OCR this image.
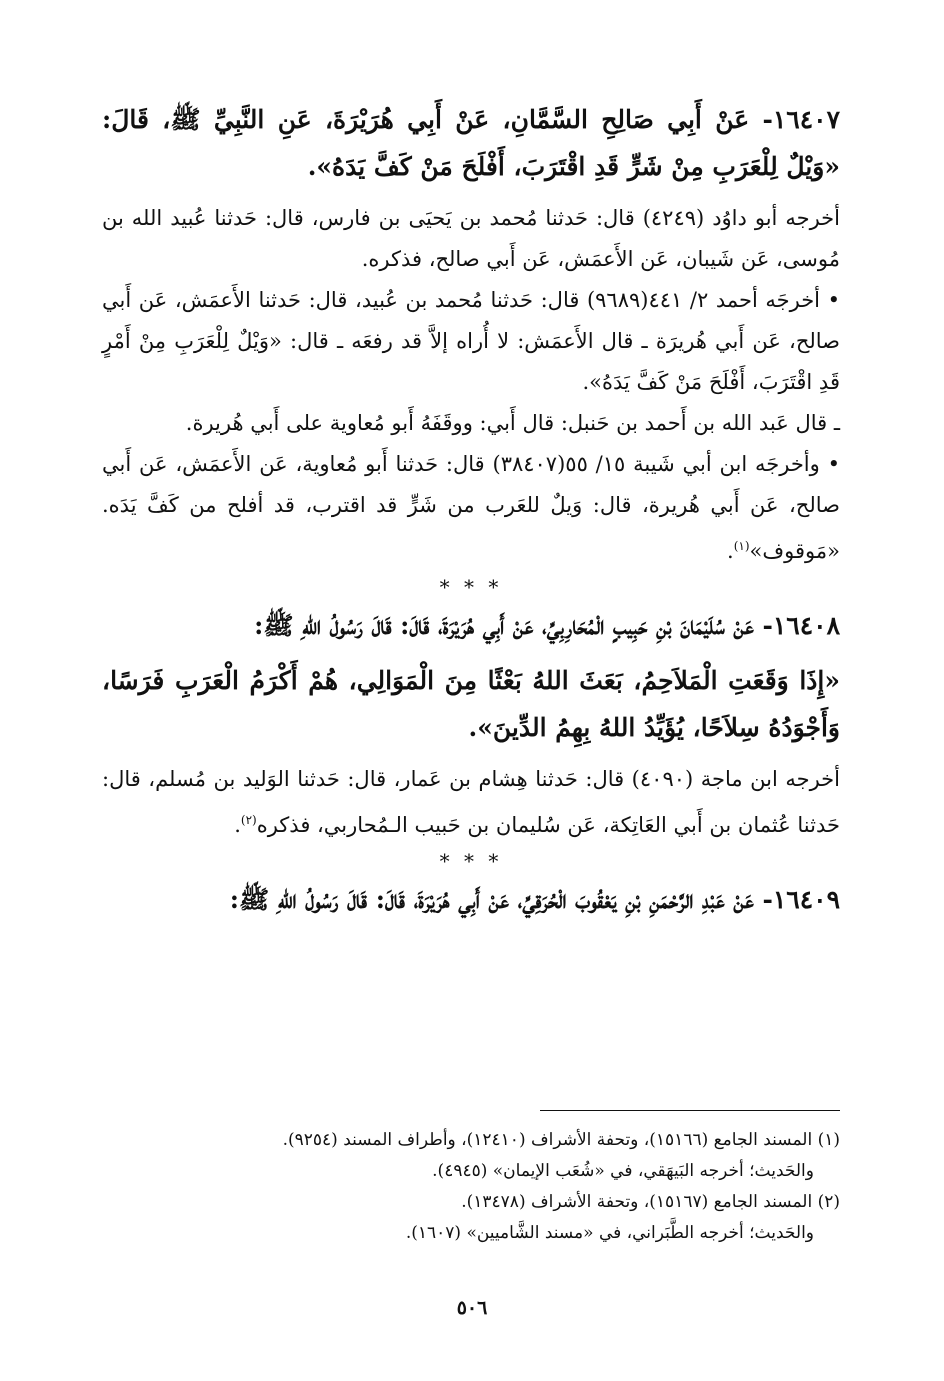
١٦٤٠٧- عَنْ أَبِي صَالِحِ السَّمَّانِ، عَنْ أَبِي هُرَيْرَةَ، عَنِ النَّبِيِّ ﷺ، قَالَ: «وَيْلٌ لِلْعَرَبِ مِنْ شَرٍّ قَدِ اقْتَرَبَ، أَفْلَحَ مَنْ كَفَّ يَدَهُ».

أخرجه أبو داوُد (٤٢٤٩) قال: حَدثنا مُحمد بن يَحيَى بن فارس، قال: حَدثنا عُبيد الله بن مُوسى، عَن شَيبان، عَن الأَعمَش، عَن أَبي صالح، فذكره.

• أخرجَه أحمد ٢/ ٤٤١(٩٦٨٩) قال: حَدثنا مُحمد بن عُبيد، قال: حَدثنا الأَعمَش، عَن أَبي صالح، عَن أَبي هُريرَة ـ قال الأَعمَش: لا أُراه إلاَّ قد رفعَه ـ قال: «وَيْلٌ لِلْعَرَبِ مِنْ أَمْرٍ قَدِ اقْتَرَبَ، أَفْلَحَ مَنْ كَفَّ يَدَهُ».

ـ قال عَبد الله بن أَحمد بن حَنبل: قال أَبي: ووقَفَهُ أَبو مُعاوية على أَبي هُريرة.

• وأخرجَه ابن أبي شَيبة ١٥/ ٥٥(٣٨٤٠٧) قال: حَدثنا أَبو مُعاوية، عَن الأَعمَش، عَن أَبي صالح، عَن أَبي هُريرة، قال: وَيلٌ للعَرب من شَرٍّ قد اقترب، قد أفلح من كَفَّ يَدَه. «مَوقوف»$^{(١)}$.

* * *

١٦٤٠٨- عَنْ سُلَيْمَانَ بْنِ حَبِيبٍ الْمُحَارِبِيِّ، عَنْ أَبِي هُرَيْرَةَ، قَالَ: قَالَ رَسُولُ اللهِ ﷺ:

«إِذَا وَقَعَتِ الْمَلاَحِمُ، بَعَثَ اللهُ بَعْثًا مِنَ الْمَوَالِي، هُمْ أَكْرَمُ الْعَرَبِ فَرَسًا، وَأَجْوَدُهُ سِلاَحًا، يُؤَيِّدُ اللهُ بِهِمُ الدِّينَ».

أخرجه ابن ماجة (٤٠٩٠) قال: حَدثنا هِشام بن عَمار، قال: حَدثنا الوَليد بن مُسلم، قال: حَدثنا عُثمان بن أَبي العَاتِكة، عَن سُليمان بن حَبيب الـمُحاربي، فذكره$^{(٢)}$.

* * *

١٦٤٠٩- عَنْ عَبْدِ الرَّحْمَنِ بْنِ يَعْقُوبَ الْحُرَقِيِّ، عَنْ أَبِي هُرَيْرَةَ، قَالَ: قَالَ رَسُولُ اللهِ ﷺ:

(١) المسند الجامع (١٥١٦٦)، وتحفة الأشراف (١٢٤١٠)، وأطراف المسند (٩٢٥٤).

والحَديث؛ أخرجه البَيهَقي، في «شُعَب الإيمان» (٤٩٤٥).

(٢) المسند الجامع (١٥١٦٧)، وتحفة الأشراف (١٣٤٧٨).

والحَديث؛ أخرجه الطَّبَراني، في «مسند الشَّاميين» (١٦٠٧).

٥٠٦
